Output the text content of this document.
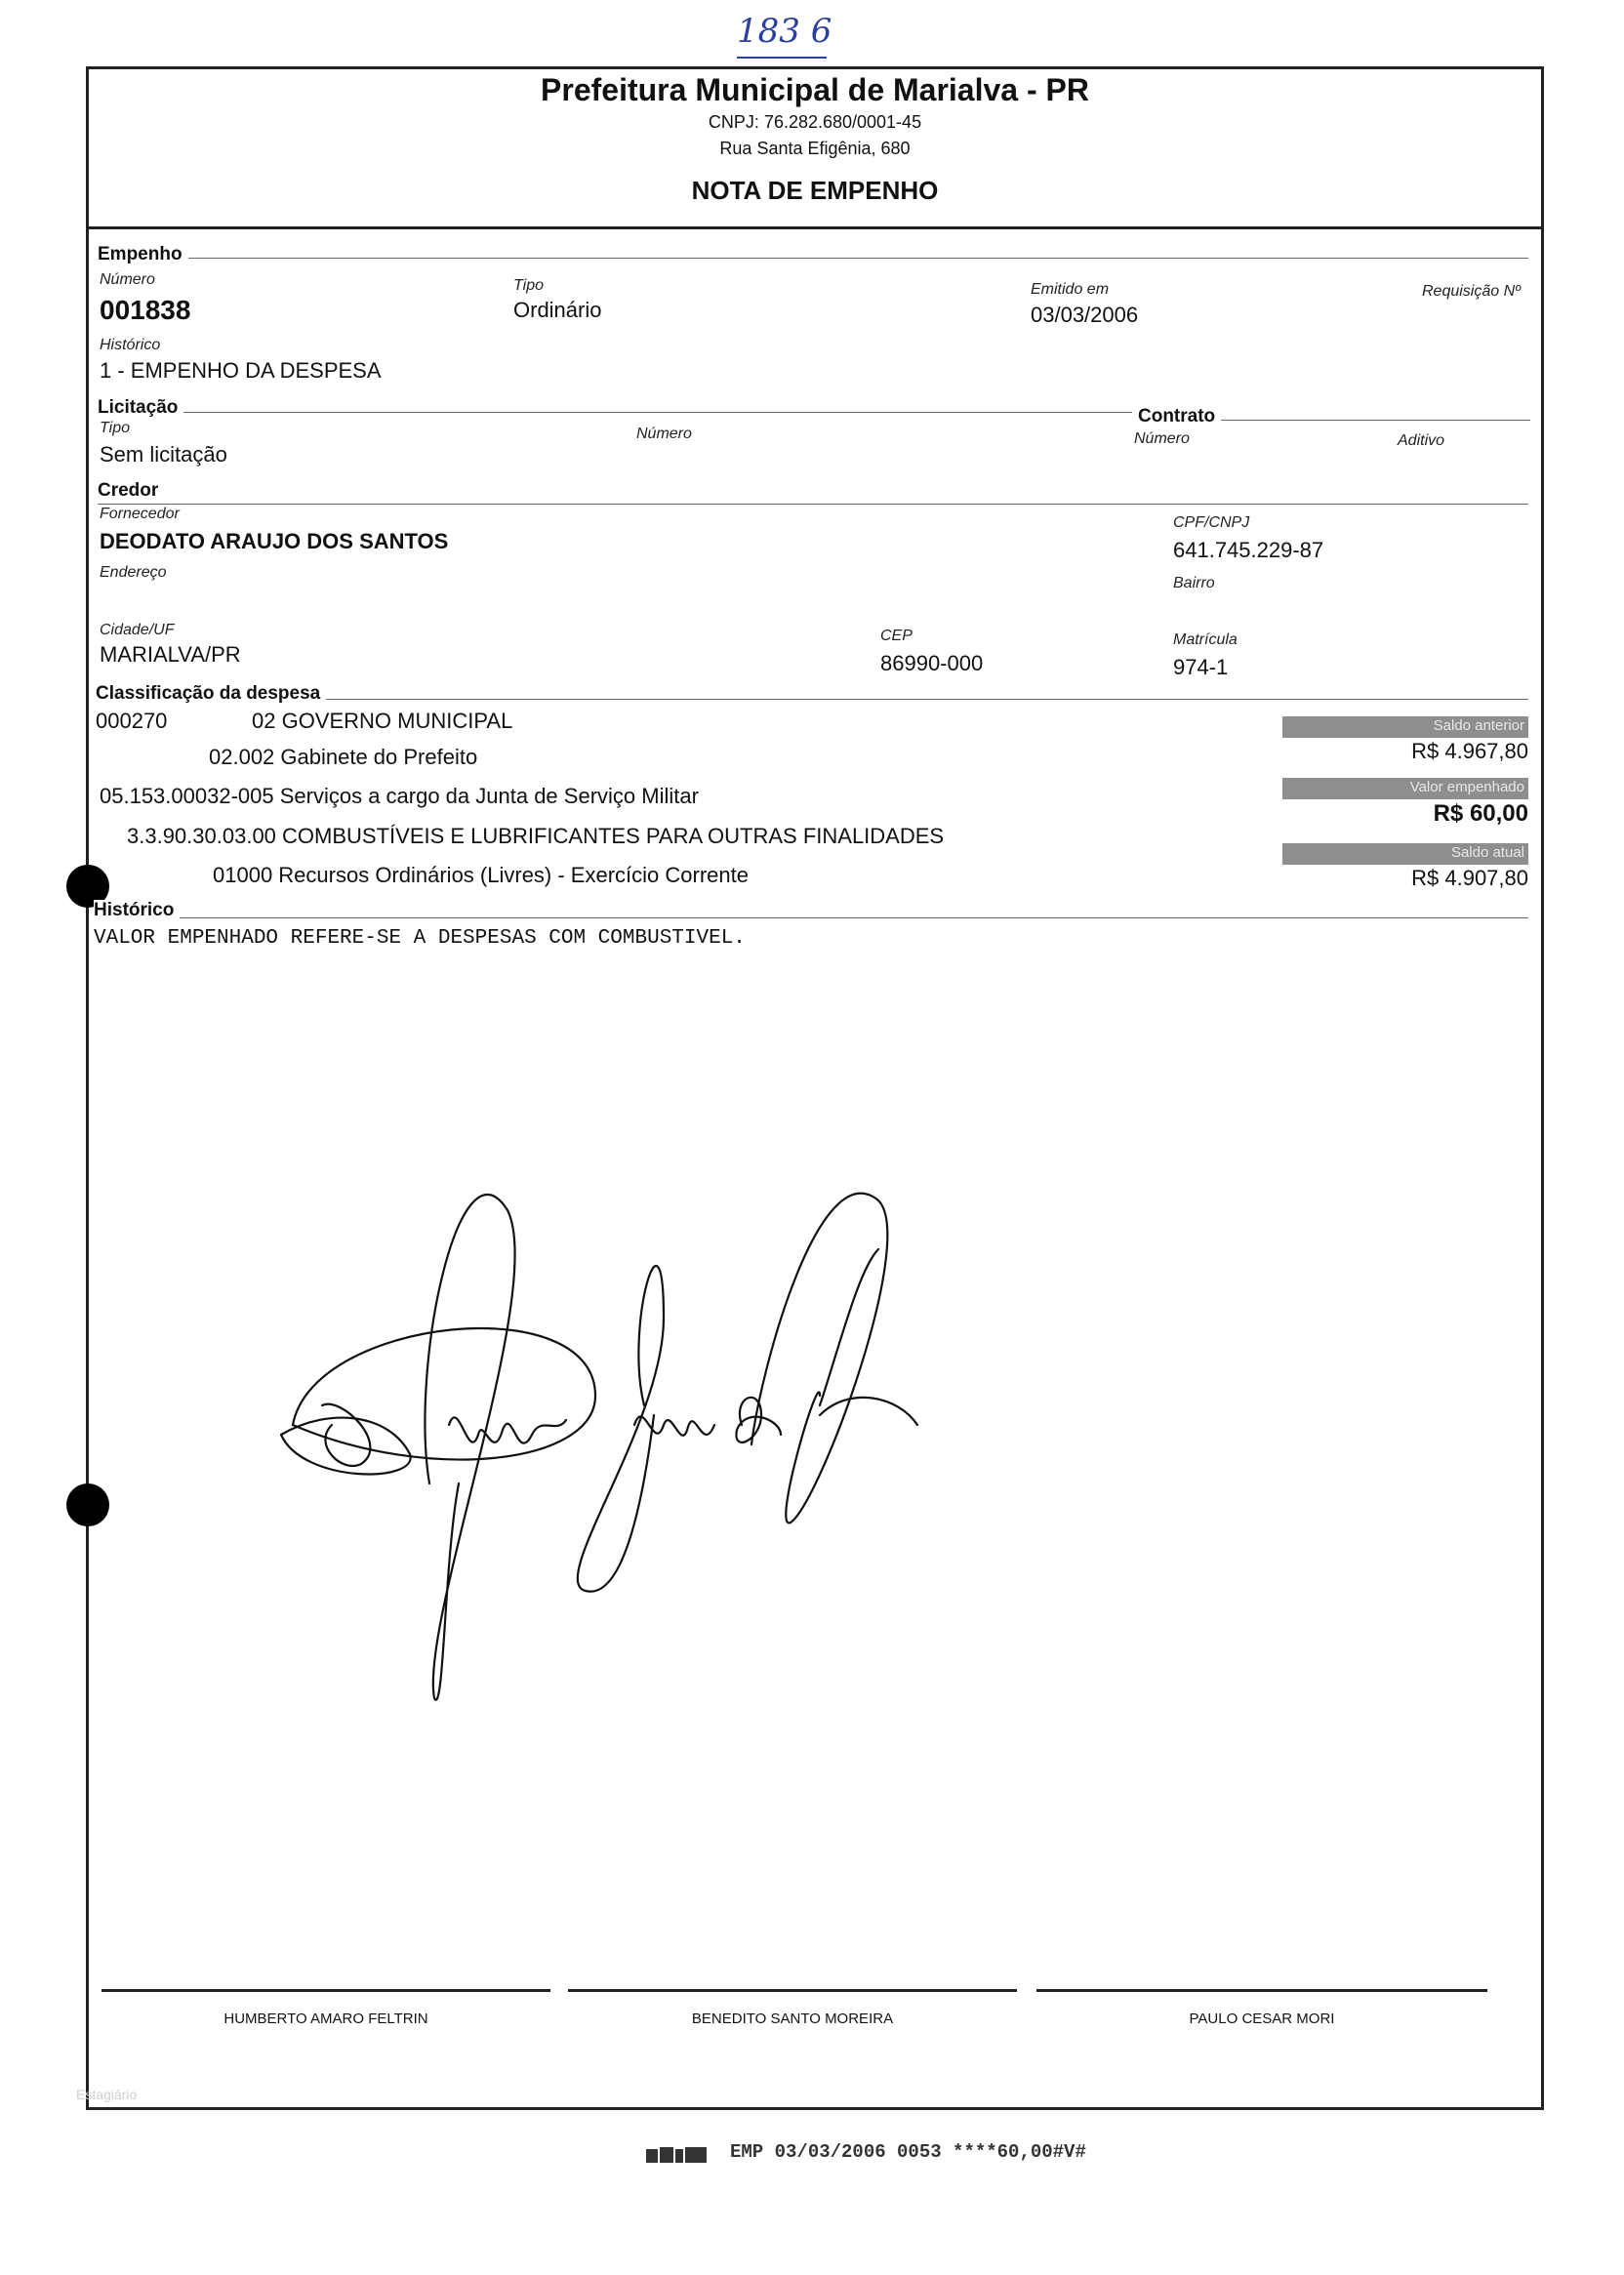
183 6
Prefeitura Municipal de Marialva - PR
CNPJ: 76.282.680/0001-45
Rua Santa Efigênia, 680
NOTA DE EMPENHO
Empenho
Número
001838
Tipo
Ordinário
Emitido em
03/03/2006
Requisição Nº
Histórico
1 - EMPENHO DA DESPESA
Licitação
Tipo
Sem licitação
Número
Contrato
Número	Aditivo
Credor
Fornecedor
DEODATO ARAUJO DOS SANTOS
CPF/CNPJ
641.745.229-87
Endereço
Bairro
Cidade/UF
MARIALVA/PR
CEP
86990-000
Matrícula
974-1
Classificação da despesa
000270	02 GOVERNO MUNICIPAL
02.002 Gabinete do Prefeito
05.153.00032-005 Serviços a cargo da Junta de Serviço Militar
3.3.90.30.03.00 COMBUSTÍVEIS E LUBRIFICANTES PARA OUTRAS FINALIDADES
01000 Recursos Ordinários (Livres) - Exercício Corrente
Saldo anterior
R$ 4.967,80
Valor empenhado
R$ 60,00
Saldo atual
R$ 4.907,80
Histórico
VALOR EMPENHADO REFERE-SE A DESPESAS COM COMBUSTIVEL.
HUMBERTO AMARO FELTRIN	BENEDITO SANTO MOREIRA	PAULO CESAR MORI
Estagiário
EMP 03/03/2006 0053 ****60,00#V#
